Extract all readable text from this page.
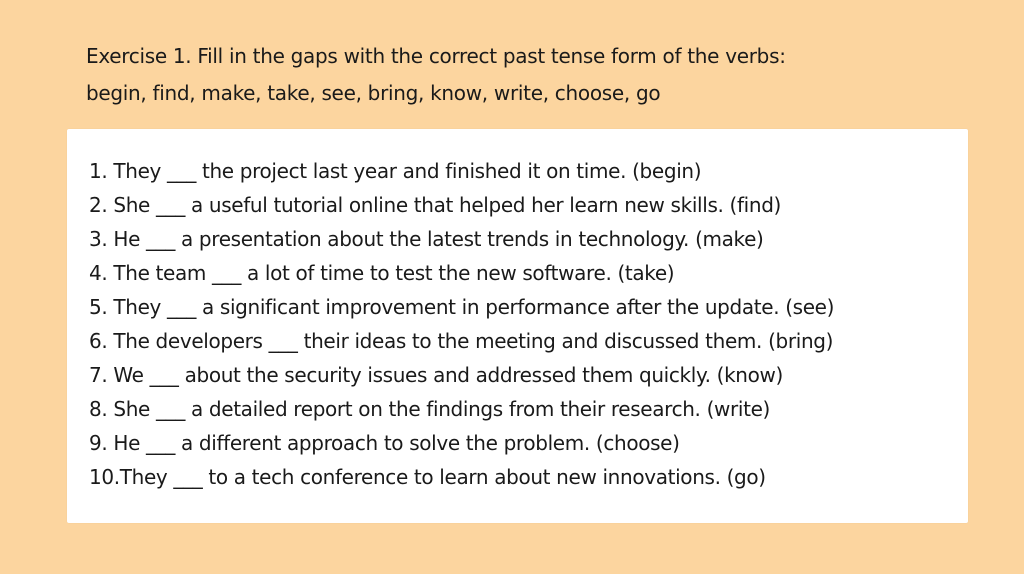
Exercise 1. Fill in the gaps with the correct past tense form of the verbs:
begin, find, make, take, see, bring, know, write, choose, go
1. They ___ the project last year and finished it on time. (begin)
2. She ___ a useful tutorial online that helped her learn new skills. (find)
3. He ___ a presentation about the latest trends in technology. (make)
4. The team ___ a lot of time to test the new software. (take)
5. They ___ a significant improvement in performance after the update. (see)
6. The developers ___ their ideas to the meeting and discussed them. (bring)
7. We ___ about the security issues and addressed them quickly. (know)
8. She ___ a detailed report on the findings from their research. (write)
9. He ___ a different approach to solve the problem. (choose)
10.They ___ to a tech conference to learn about new innovations. (go)
